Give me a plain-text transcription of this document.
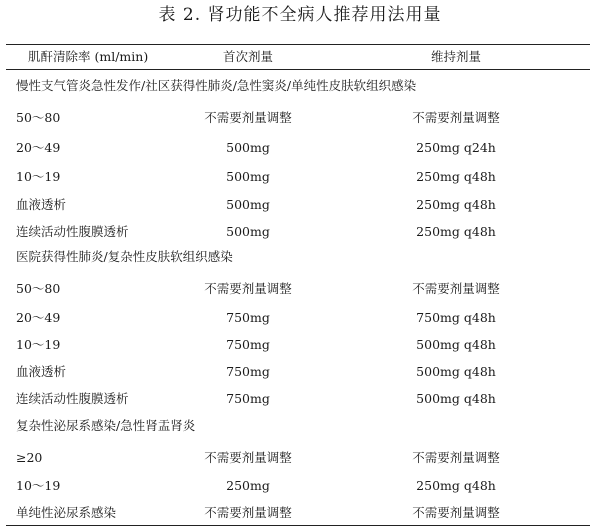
表 2. 肾功能不全病人推荐用法用量
肌酐清除率 (ml/min)	首次剂量	维持剂量
慢性支气管炎急性发作/社区获得性肺炎/急性窦炎/单纯性皮肤软组织感染
50～80	不需要剂量调整	不需要剂量调整
20～49	500mg	250mg q24h
10～19	500mg	250mg q48h
血液透析	500mg	250mg q48h
连续活动性腹膜透析	500mg	250mg q48h
医院获得性肺炎/复杂性皮肤软组织感染
50～80	不需要剂量调整	不需要剂量调整
20～49	750mg	750mg q48h
10～19	750mg	500mg q48h
血液透析	750mg	500mg q48h
连续活动性腹膜透析	750mg	500mg q48h
复杂性泌尿系感染/急性肾盂肾炎
≥20	不需要剂量调整	不需要剂量调整
10～19	250mg	250mg q48h
单纯性泌尿系感染	不需要剂量调整	不需要剂量调整
